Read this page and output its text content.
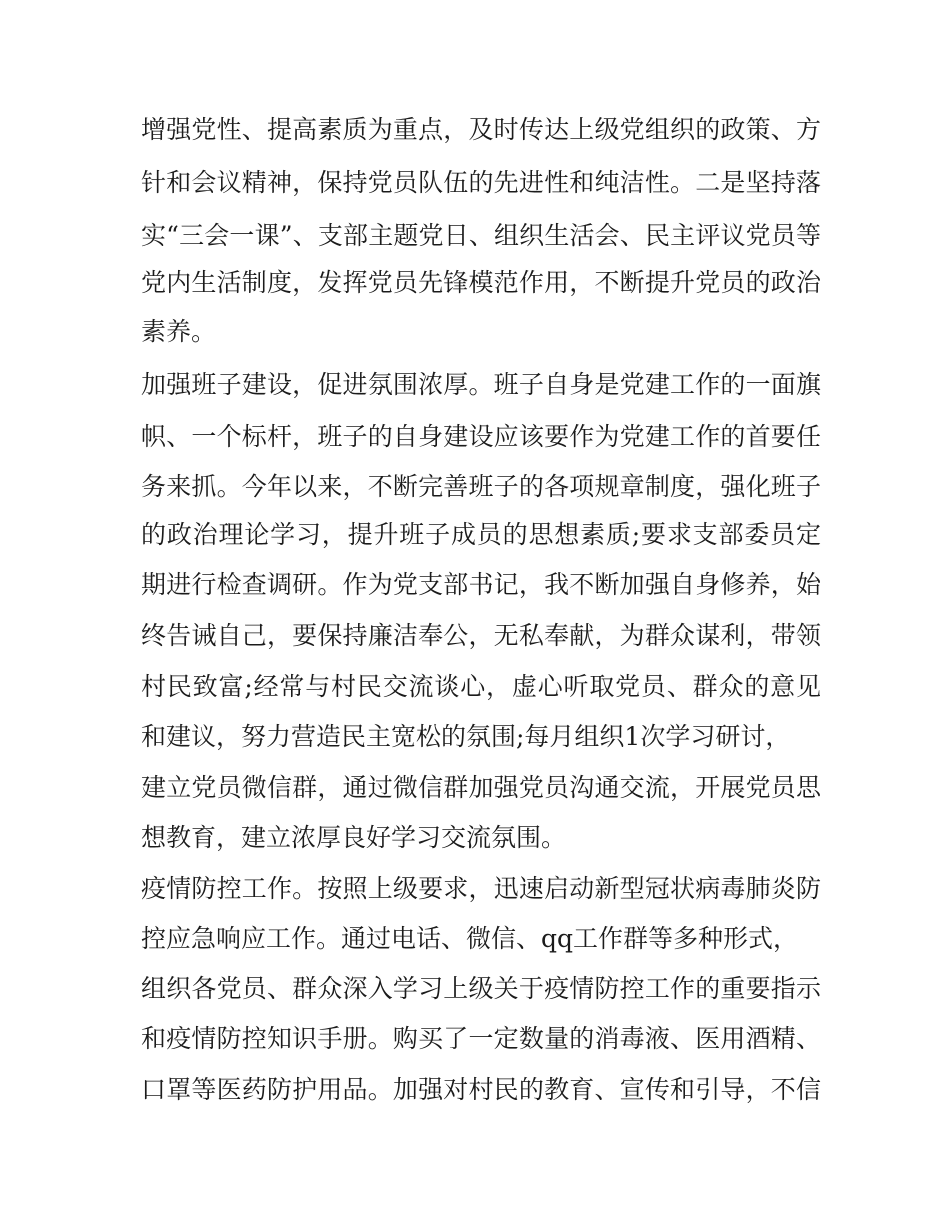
增强党性、提高素质为重点，及时传达上级党组织的政策、方

针和会议精神，保持党员队伍的先进性和纯洁性。二是坚持落

实“三会一课”、支部主题党日、组织生活会、民主评议党员等

党内生活制度，发挥党员先锋模范作用，不断提升党员的政治

素养。

加强班子建设，促进氛围浓厚。班子自身是党建工作的一面旗

帜、一个标杆，班子的自身建设应该要作为党建工作的首要任

务来抓。今年以来，不断完善班子的各项规章制度，强化班子

的政治理论学习，提升班子成员的思想素质;要求支部委员定

期进行检查调研。作为党支部书记，我不断加强自身修养，始

终告诫自己，要保持廉洁奉公，无私奉献，为群众谋利，带领

村民致富;经常与村民交流谈心，虚心听取党员、群众的意见

和建议，努力营造民主宽松的氛围;每月组织1次学习研讨，

建立党员微信群，通过微信群加强党员沟通交流，开展党员思

想教育，建立浓厚良好学习交流氛围。

疫情防控工作。按照上级要求，迅速启动新型冠状病毒肺炎防

控应急响应工作。通过电话、微信、qq工作群等多种形式，

组织各党员、群众深入学习上级关于疫情防控工作的重要指示

和疫情防控知识手册。购买了一定数量的消毒液、医用酒精、

口罩等医药防护用品。加强对村民的教育、宣传和引导，不信
